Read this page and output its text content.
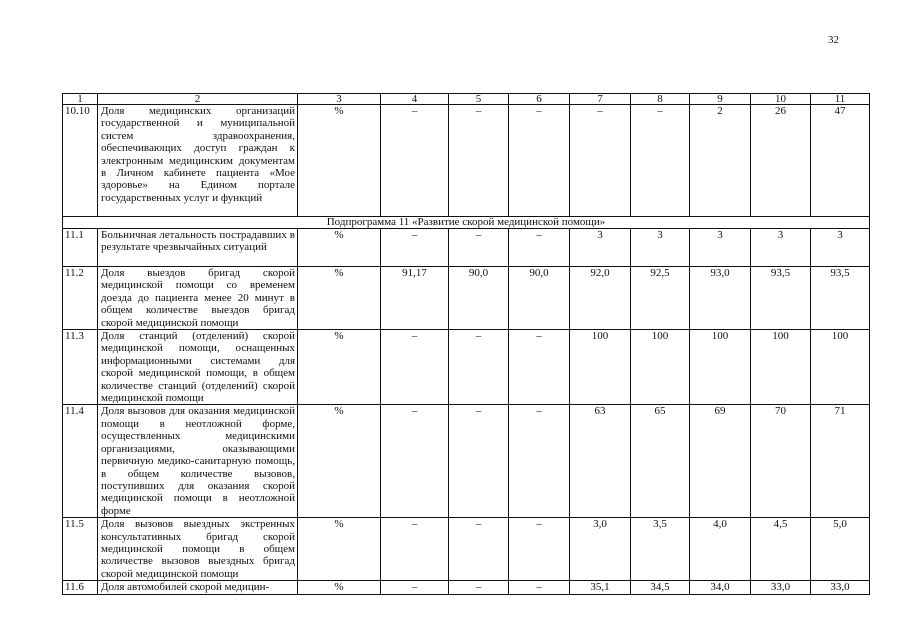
32
1	2	3	4	5	6	7	8	9	10	11
10.10	Доля медицинских организаций государственной и муниципальной систем здравоохранения, обеспечивающих доступ граждан к электронным медицинским документам в Личном кабинете пациента «Мое здоровье» на Едином портале государственных услуг и функций	%	–	–	–	–	–	2	26	47
Подпрограмма 11 «Развитие скорой медицинской помощи»										
11.1	Больничная летальность пострадавших в результате чрезвычайных ситуаций	%	–	–	–	3	3	3	3	3
11.2	Доля выездов бригад скорой медицинской помощи со временем доезда до пациента менее 20 минут в общем количестве выездов бригад скорой медицинской помощи	%	91,17	90,0	90,0	92,0	92,5	93,0	93,5	93,5
11.3	Доля станций (отделений) скорой медицинской помощи, оснащенных информационными системами для скорой медицинской помощи, в общем количестве станций (отделений) скорой медицинской помощи	%	–	–	–	100	100	100	100	100
11.4	Доля вызовов для оказания медицинской помощи в неотложной форме, осуществленных медицинскими организациями, оказывающими первичную медико-санитарную помощь, в общем количестве вызовов, поступивших для оказания скорой медицинской помощи в неотложной форме	%	–	–	–	63	65	69	70	71
11.5	Доля вызовов выездных экстренных консультативных бригад скорой медицинской помощи в общем количестве вызовов выездных бригад скорой медицинской помощи	%	–	–	–	3,0	3,5	4,0	4,5	5,0
11.6	Доля автомобилей скорой медицин-	%	–	–	–	35,1	34,5	34,0	33,0	33,0
